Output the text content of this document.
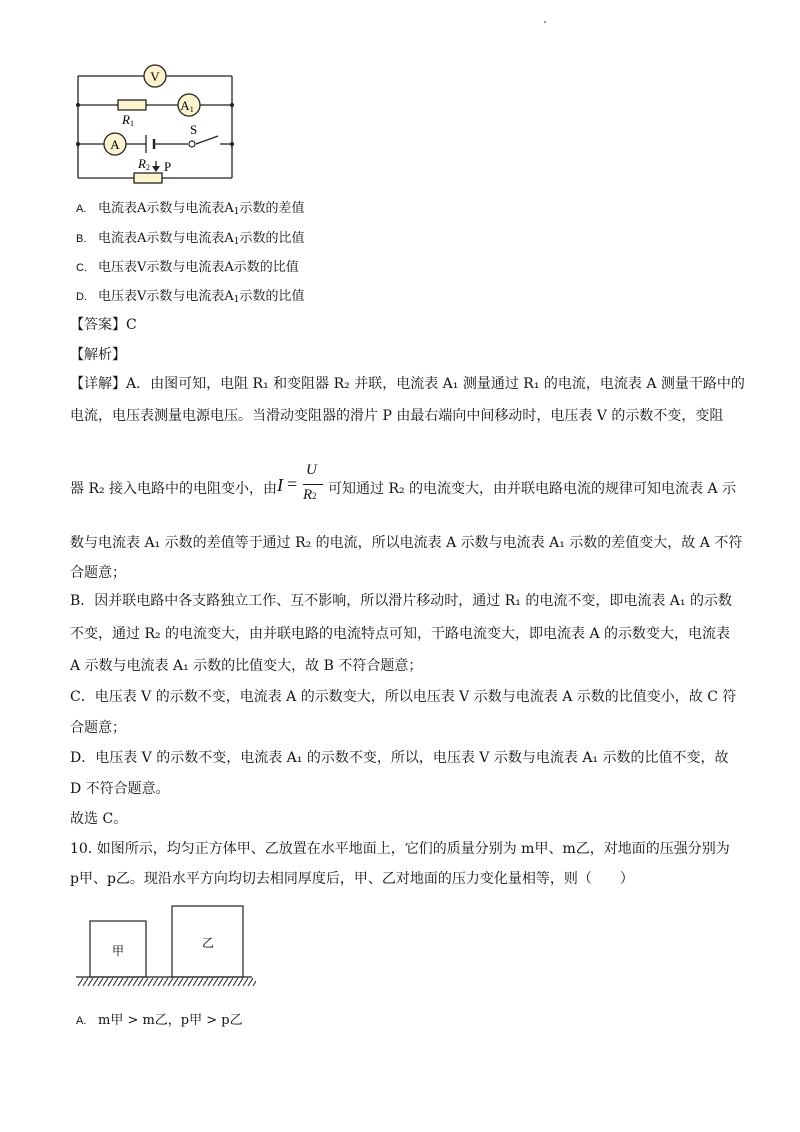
V
A1
A
R1
R2 P
S
A. 电流表A示数与电流表$A_1$示数的差值
B. 电流表A示数与电流表$A_1$示数的比值
C. 电压表V示数与电流表A示数的比值
D. 电压表V示数与电流表$A_1$示数的比值
【答案】C
【解析】
【详解】A．由图可知，电阻 R₁ 和变阻器 R₂ 并联，电流表 A₁ 测量通过 R₁ 的电流，电流表 A 测量干路中的
电流，电压表测量电源电压。当滑动变阻器的滑片 P 由最右端向中间移动时，电压表 V 的示数不变，变阻
器 R₂ 接入电路中的电阻变小，由 I =
U
R2 可知通过 R₂ 的电流变大，由并联电路电流的规律可知电流表 A 示
数与电流表 A₁ 示数的差值等于通过 R₂ 的电流，所以电流表 A 示数与电流表 A₁ 示数的差值变大，故 A 不符
合题意；
B．因并联电路中各支路独立工作、互不影响，所以滑片移动时，通过 R₁ 的电流不变，即电流表 A₁ 的示数
不变，通过 R₂ 的电流变大，由并联电路的电流特点可知，干路电流变大，即电流表 A 的示数变大，电流表
A 示数与电流表 A₁ 示数的比值变大，故 B 不符合题意；
C．电压表 V 的示数不变，电流表 A 的示数变大，所以电压表 V 示数与电流表 A 示数的比值变小，故 C 符
合题意；
D．电压表 V 的示数不变，电流表 A₁ 的示数不变，所以，电压表 V 示数与电流表 A₁ 示数的比值不变，故
D 不符合题意。
故选 C。
10. 如图所示，均匀正方体甲、乙放置在水平地面上，它们的质量分别为 m甲、m乙，对地面的压强分别为
p甲、p乙。现沿水平方向均切去相同厚度后，甲、乙对地面的压力变化量相等，则（　　）
甲
乙
A. m甲 > m乙，p甲 > p乙
